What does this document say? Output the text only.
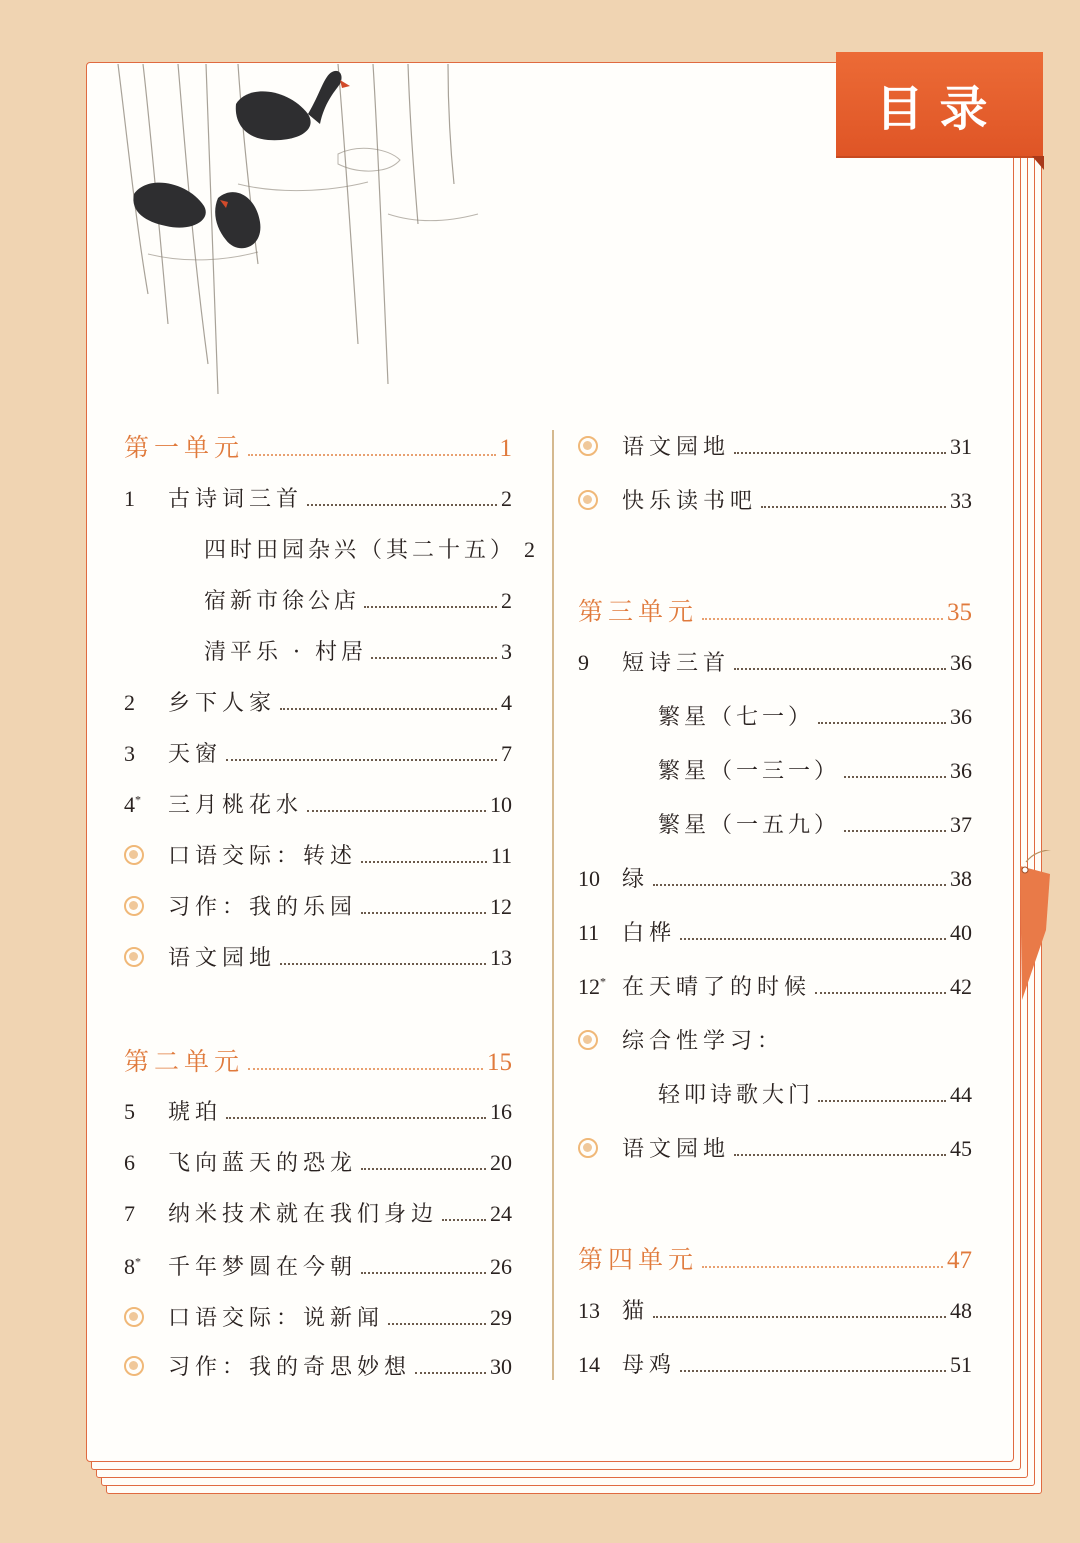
目录
第一单元	1
1	古诗词三首	2
四时田园杂兴（其二十五） 2
宿新市徐公店	2
清平乐 · 村居	3
2	乡下人家	4
3	天窗	7
4*	三月桃花水	10
口语交际：转述	11
习作：我的乐园	12
语文园地	13
第二单元	15
5	琥珀	16
6	飞向蓝天的恐龙	20
7	纳米技术就在我们身边 24
8*	千年梦圆在今朝	26
口语交际：说新闻	29
习作：我的奇思妙想	30
语文园地	31
快乐读书吧	33
第三单元	35
9	短诗三首	36
繁星（七一）	36
繁星（一三一）	36
繁星（一五九）	37
10	绿	38
11	白桦	40
12* 在天晴了的时候	42
综合性学习：
轻叩诗歌大门	44
语文园地	45
第四单元	47
13	猫	48
14	母鸡	51
